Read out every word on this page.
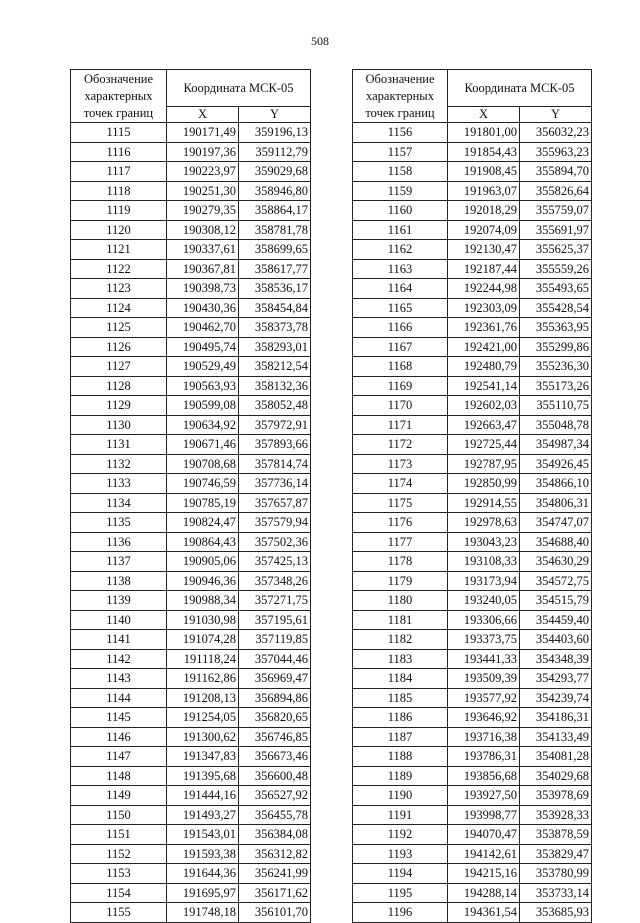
508
Обозначение характерных точек границ	Координата МСК-05	
	X	Y
1115	190171,49	359196,13
1116	190197,36	359112,79
1117	190223,97	359029,68
1118	190251,30	358946,80
1119	190279,35	358864,17
1120	190308,12	358781,78
1121	190337,61	358699,65
1122	190367,81	358617,77
1123	190398,73	358536,17
1124	190430,36	358454,84
1125	190462,70	358373,78
1126	190495,74	358293,01
1127	190529,49	358212,54
1128	190563,93	358132,36
1129	190599,08	358052,48
1130	190634,92	357972,91
1131	190671,46	357893,66
1132	190708,68	357814,74
1133	190746,59	357736,14
1134	190785,19	357657,87
1135	190824,47	357579,94
1136	190864,43	357502,36
1137	190905,06	357425,13
1138	190946,36	357348,26
1139	190988,34	357271,75
1140	191030,98	357195,61
1141	191074,28	357119,85
1142	191118,24	357044,46
1143	191162,86	356969,47
1144	191208,13	356894,86
1145	191254,05	356820,65
1146	191300,62	356746,85
1147	191347,83	356673,46
1148	191395,68	356600,48
1149	191444,16	356527,92
1150	191493,27	356455,78
1151	191543,01	356384,08
1152	191593,38	356312,82
1153	191644,36	356241,99
1154	191695,97	356171,62
1155	191748,18	356101,70
Обозначение характерных точек границ	Координата МСК-05	
	X	Y
1156	191801,00	356032,23
1157	191854,43	355963,23
1158	191908,45	355894,70
1159	191963,07	355826,64
1160	192018,29	355759,07
1161	192074,09	355691,97
1162	192130,47	355625,37
1163	192187,44	355559,26
1164	192244,98	355493,65
1165	192303,09	355428,54
1166	192361,76	355363,95
1167	192421,00	355299,86
1168	192480,79	355236,30
1169	192541,14	355173,26
1170	192602,03	355110,75
1171	192663,47	355048,78
1172	192725,44	354987,34
1173	192787,95	354926,45
1174	192850,99	354866,10
1175	192914,55	354806,31
1176	192978,63	354747,07
1177	193043,23	354688,40
1178	193108,33	354630,29
1179	193173,94	354572,75
1180	193240,05	354515,79
1181	193306,66	354459,40
1182	193373,75	354403,60
1183	193441,33	354348,39
1184	193509,39	354293,77
1185	193577,92	354239,74
1186	193646,92	354186,31
1187	193716,38	354133,49
1188	193786,31	354081,28
1189	193856,68	354029,68
1190	193927,50	353978,69
1191	193998,77	353928,33
1192	194070,47	353878,59
1193	194142,61	353829,47
1194	194215,16	353780,99
1195	194288,14	353733,14
1196	194361,54	353685,93
